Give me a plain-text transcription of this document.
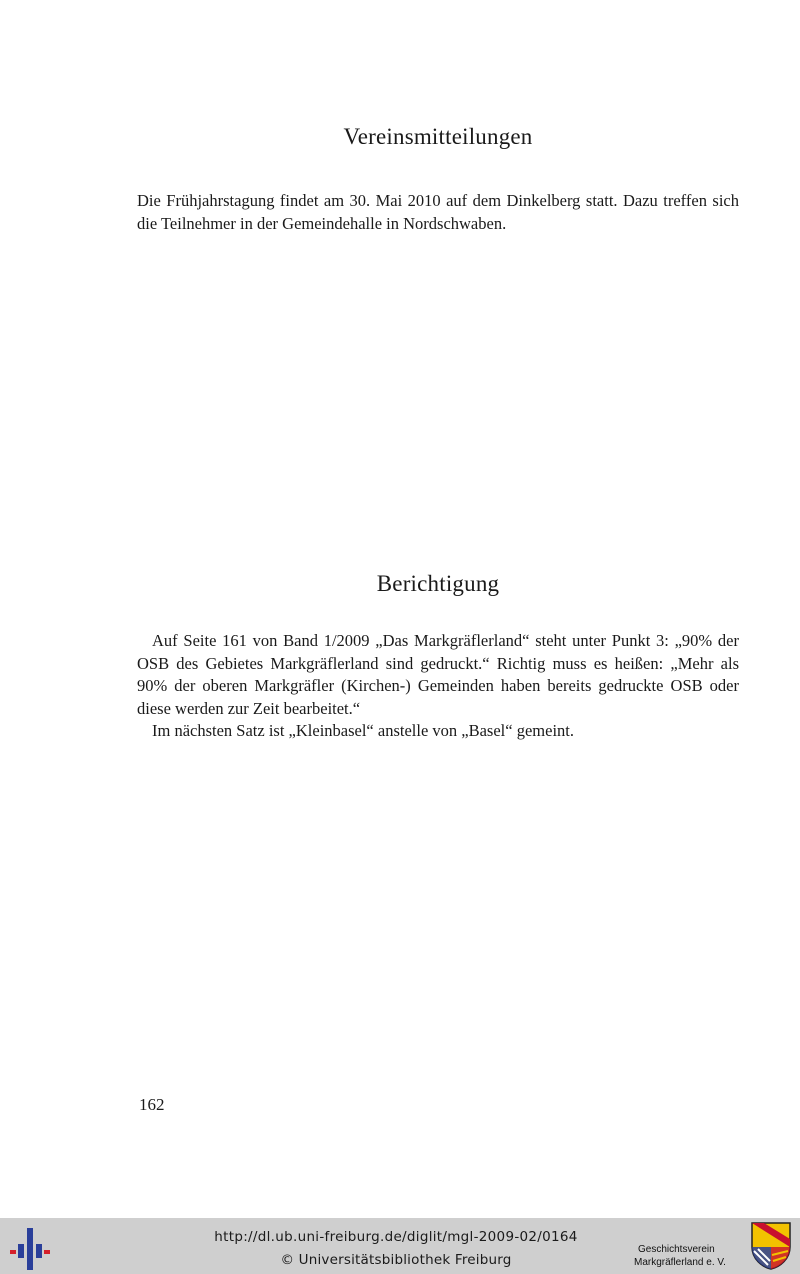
Vereinsmitteilungen

Die Frühjahrstagung findet am 30. Mai 2010 auf dem Dinkelberg statt. Dazu treffen sich die Teilnehmer in der Gemeindehalle in Nordschwaben.

Berichtigung

Auf Seite 161 von Band 1/2009 „Das Markgräflerland“ steht unter Punkt 3: „90% der OSB des Gebietes Markgräflerland sind gedruckt.“ Richtig muss es heißen: „Mehr als 90% der oberen Markgräfler (Kirchen-) Gemeinden haben bereits gedruckte OSB oder diese werden zur Zeit bearbeitet.“

Im nächsten Satz ist „Kleinbasel“ anstelle von „Basel“ gemeint.

162

http://dl.ub.uni-freiburg.de/diglit/mgl-2009-02/0164
© Universitätsbibliothek Freiburg
Geschichtsverein
Markgräflerland e. V.
